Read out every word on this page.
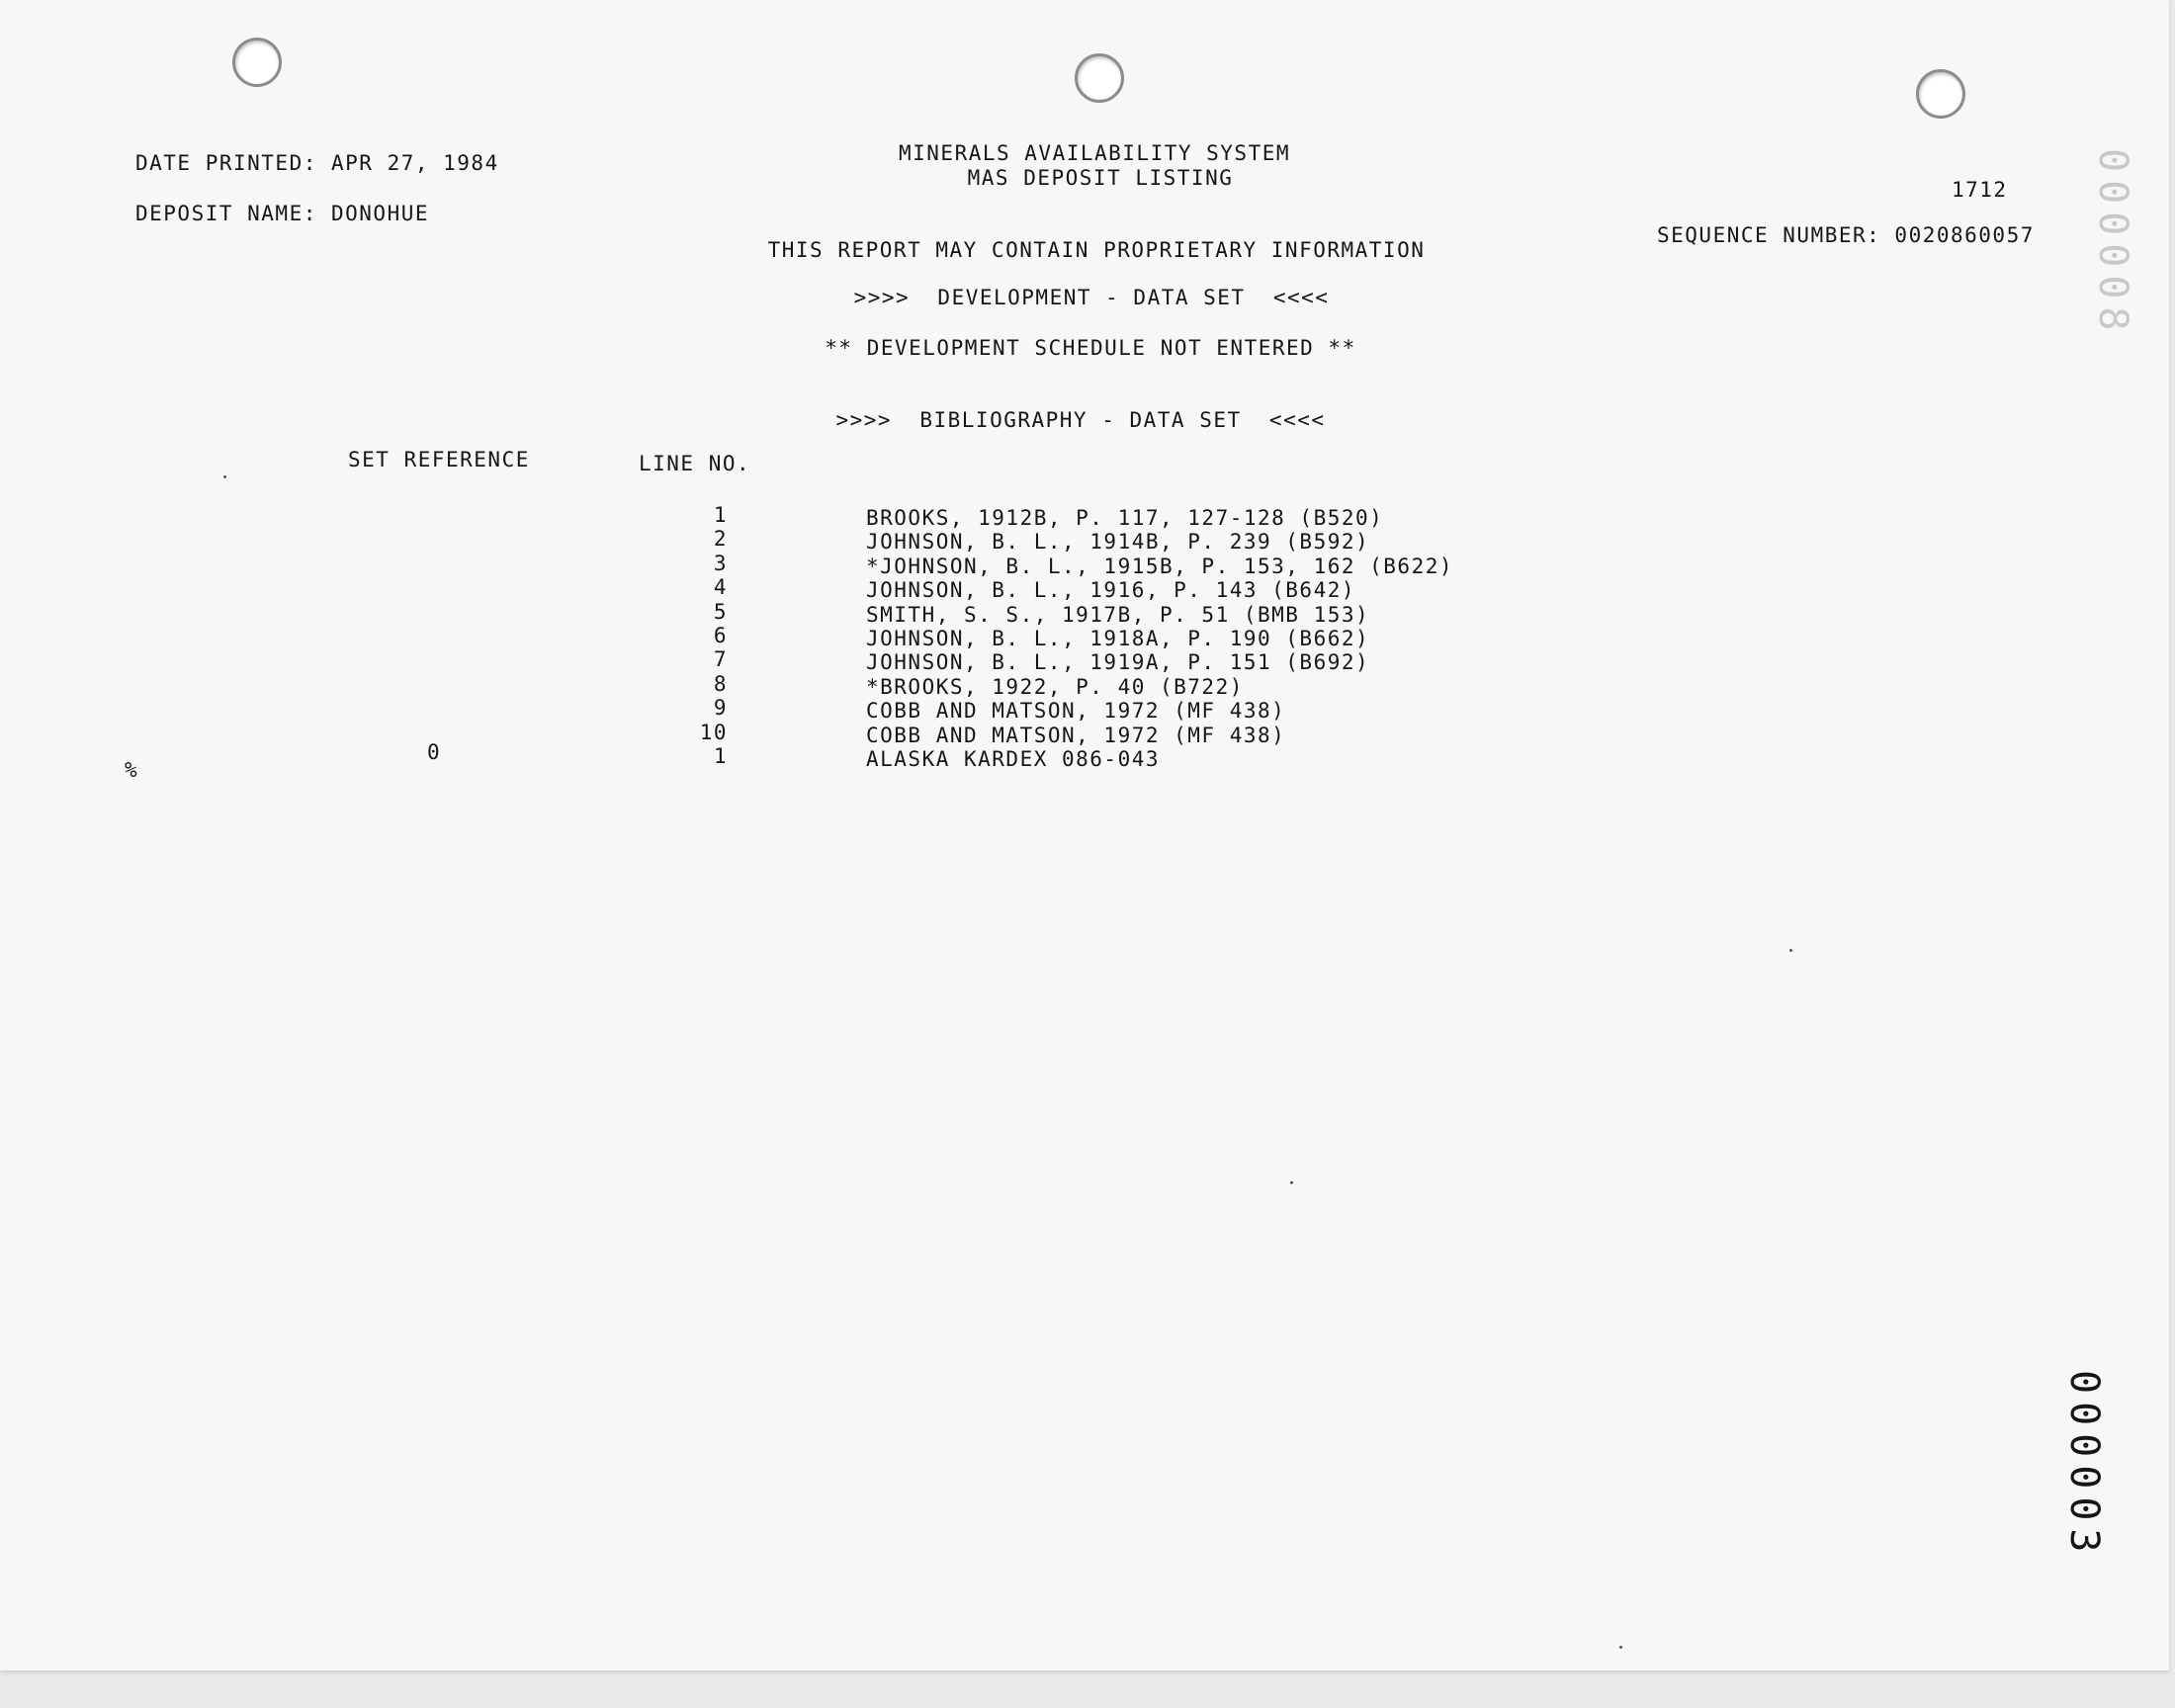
DATE PRINTED: APR 27, 1984
DEPOSIT NAME: DONOHUE
MINERALS AVAILABILITY SYSTEM
MAS DEPOSIT LISTING	1712
SEQUENCE NUMBER: 0020860057
THIS REPORT MAY CONTAIN PROPRIETARY INFORMATION
>>>>  DEVELOPMENT - DATA SET  <<<<
** DEVELOPMENT SCHEDULE NOT ENTERED **
>>>>  BIBLIOGRAPHY - DATA SET  <<<<
SET REFERENCE	LINE NO.
1
2
3
4
5
6
7
8
9
10
1
BROOKS, 1912B, P. 117, 127-128 (B520)
JOHNSON, B. L., 1914B, P. 239 (B592)
*JOHNSON, B. L., 1915B, P. 153, 162 (B622)
JOHNSON, B. L., 1916, P. 143 (B642)
SMITH, S. S., 1917B, P. 51 (BMB 153)
JOHNSON, B. L., 1918A, P. 190 (B662)
JOHNSON, B. L., 1919A, P. 151 (B692)
*BROOKS, 1922, P. 40 (B722)
COBB AND MATSON, 1972 (MF 438)
COBB AND MATSON, 1972 (MF 438)
ALASKA KARDEX 086-043
0
%
000008
000003
